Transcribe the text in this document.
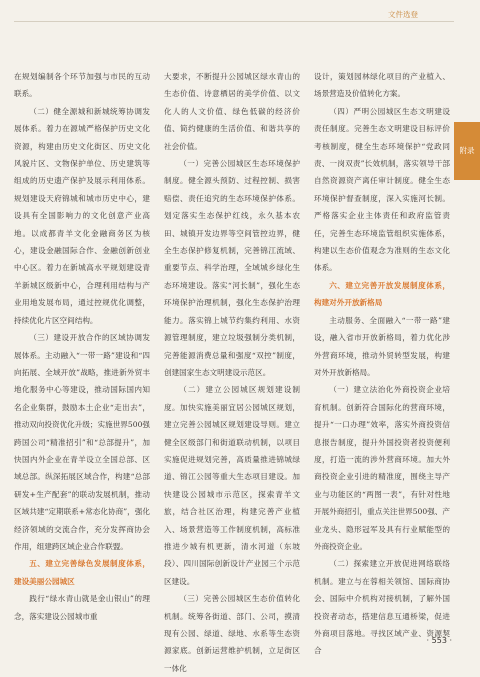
文件选登

在规划编制各个环节加强与市民的互动联系。

（二）健全源城和新城统筹协调发展体系。着力在源城严格保护历史文化资源，构建由历史文化街区、历史文化风貌片区、文物保护单位、历史建筑等组成的历史遗产保护及展示利用体系。规划建设天府锦城和城市历史中心，建设具有全国影响力的文化创意产业高地。以成都青羊文化金融商务区为核心，建设金融国际合作、金融创新创业中心区。着力在新城高水平规划建设青羊新城区级新中心，合理利用结构与产业用地发展布局，通过控规优化调整，持续优化片区空间结构。

（三）建设开放合作的区域协调发展体系。主动融入“一带一路”建设和“四向拓展、全域开放”战略，推进新外贸丰地化服务中心等建设，推动国际国内知名企业集群，鼓励本土企业“走出去”，推动双向投资优化升级；实施世界500强跨国公司“精准招引”和“总部提升”，加快国内外企业在青羊设立全国总部、区域总部。纵深拓展区域合作，构建“总部研发+生产配套”的联动发展机制，推动区域共建“定期联系+常态化协商”，强化经济领域的交流合作，充分发挥商协会作用，组建跨区域企业合作联盟。

五、建立完善绿色发展制度体系，建设美丽公园城区

践行“绿水青山就是金山银山”的理念，落实建设公园城市重

大要求，不断提升公园城区绿水青山的生态价值、诗意栖居的美学价值、以文化人的人文价值、绿色低碳的经济价值、简约健康的生活价值、和谐共享的社会价值。

（一）完善公园城区生态环境保护制度。健全源头预防、过程控制、损害赔偿、责任追究的生态环境保护体系。划定落实生态保护红线，永久基本农田、城镇开发边界等空间管控边界，健全生态保护修复机制，完善锦江流域、重要节点、科学治理，全域城乡绿化生态环境建设。落实“河长制”，强化生态环境保护治理机制，强化生态保护治理能力。落实锦上城节约集约利用、水资源管理制度，建立垃圾强制分类机制，完善能源消费总量和强度“双控”制度，创建国家生态文明建设示范区。

（二）建立公园城区规划建设制度。加快实施美丽宜居公园城区规划，建立完善公园城区规划建设导则。建立健全区级部门和街道联动机制，以项目实施促进规划完善，高质量推进锦城绿道、锦江公园等重大生态项目建设。加快建设公园城市示范区，探索青羊文旅，结合社区治理，构建完善产业植入、场景营造等工作制度机制，高标准推进少城有机更新，清水河道（东坡段）、四川国际创新设计产业园三个示范区建设。

（三）完善公园城区生态价值转化机制。统筹各街道、部门、公司，摸清现有公园、绿道、绿地、水系等生态资源家底。创新运营维护机制，立足街区一体化

设计，策划园林绿化项目的产业植入、场景营造及价值转化方案。

（四）严明公园城区生态文明建设责任制度。完善生态文明建设目标评价考核制度，健全生态环境保护“党政同责、一岗双责”长效机制，落实领导干部自然资源资产离任审计制度。健全生态环境保护督查制度，深入实施河长制。严格落实企业主体责任和政府监管责任，完善生态环境监管组织实施体系，构建以生态价值观念为准则的生态文化体系。

六、建立完善开放发展制度体系，构建对外开放新格局

主动服务、全面融入“一带一路”建设，融入省市开放新格局，着力优化涉外营商环境，推动外贸转型发展，构建对外开放新格局。

（一）建立法治化外商投资企业培育机制。创新符合国际化的营商环境，提升“一口办理”效率，落实外商投资信息报告制度，提升外国投资者投资便利度，打造一流的涉外营商环境。加大外商投资企业引进的精准度，围绕主导产业与功能区的“两图一表”，有针对性地开展外商招引，重点关注世界500强、产业龙头、隐形冠军及具有行业赋能型的外商投资企业。

（二）探索建立开放促进网络联络机制。建立与在蓉相关领馆、国际商协会、国际中介机构对接机制，了解外国投资者动态，搭建信息互通桥梁，促进外商项目落地。寻找区域产业、资源契合

附录
· 553 ·
